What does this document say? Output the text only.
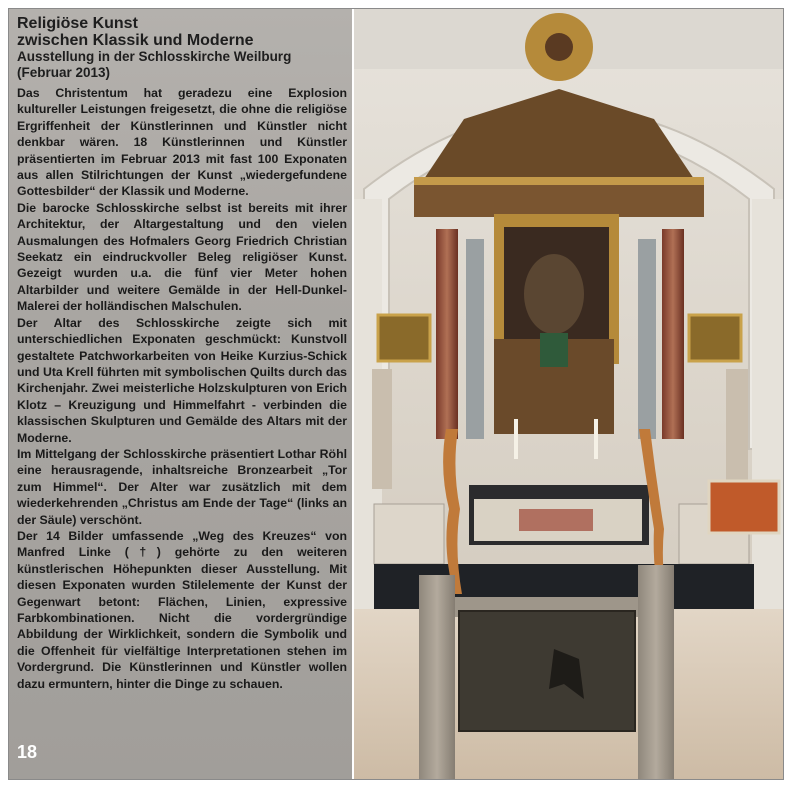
Religiöse Kunst
zwischen Klassik und Moderne
Ausstellung in der Schlosskirche Weilburg
(Februar 2013)

Das Christentum hat geradezu eine Explosion kultureller Leistungen freigesetzt, die ohne die religiöse Ergriffenheit der Künstlerinnen und Künstler nicht denkbar wären. 18 Künstlerinnen und Künstler präsentierten im Februar 2013 mit fast 100 Exponaten aus allen Stilrichtungen der Kunst „wiedergefundene Gottesbilder“ der Klassik und Moderne.

Die barocke Schlosskirche selbst ist bereits mit ihrer Architektur, der Altargestaltung und den vielen Ausmalungen des Hofmalers Georg Friedrich Christian Seekatz ein eindruckvoller Beleg religiöser Kunst. Gezeigt wurden u.a. die fünf vier Meter hohen Altarbilder und weitere Gemälde in der Hell-Dunkel-Malerei der holländischen Malschulen.

Der Altar des Schlosskirche zeigte sich mit unterschiedlichen Exponaten geschmückt: Kunstvoll gestaltete Patchworkarbeiten von Heike Kurzius-Schick und Uta Krell führten mit symbolischen Quilts durch das Kirchenjahr. Zwei meisterliche Holzskulpturen von Erich Klotz – Kreuzigung und Himmelfahrt - verbinden die klassischen Skulpturen und Gemälde des Altars mit der Moderne.

Im Mittelgang der Schlosskirche präsentiert Lothar Röhl eine herausragende, inhaltsreiche Bronzearbeit „Tor zum Himmel“. Der Alter war zusätzlich mit dem wiederkehrenden „Christus am Ende der Tage“ (links an der Säule) verschönt.

Der 14 Bilder umfassende „Weg des Kreuzes“ von Manfred Linke (†) gehörte zu den weiteren künstlerischen Höhepunkten dieser Ausstellung. Mit diesen Exponaten wurden Stilelemente der Kunst der Gegenwart betont: Flächen, Linien, expressive Farbkombinationen. Nicht die vordergründige Abbildung der Wirklichkeit, sondern die Symbolik und die Offenheit für vielfältige Interpretationen stehen im Vordergrund. Die Künstlerinnen und Künstler wollen dazu ermuntern, hinter die Dinge zu schauen.

18
